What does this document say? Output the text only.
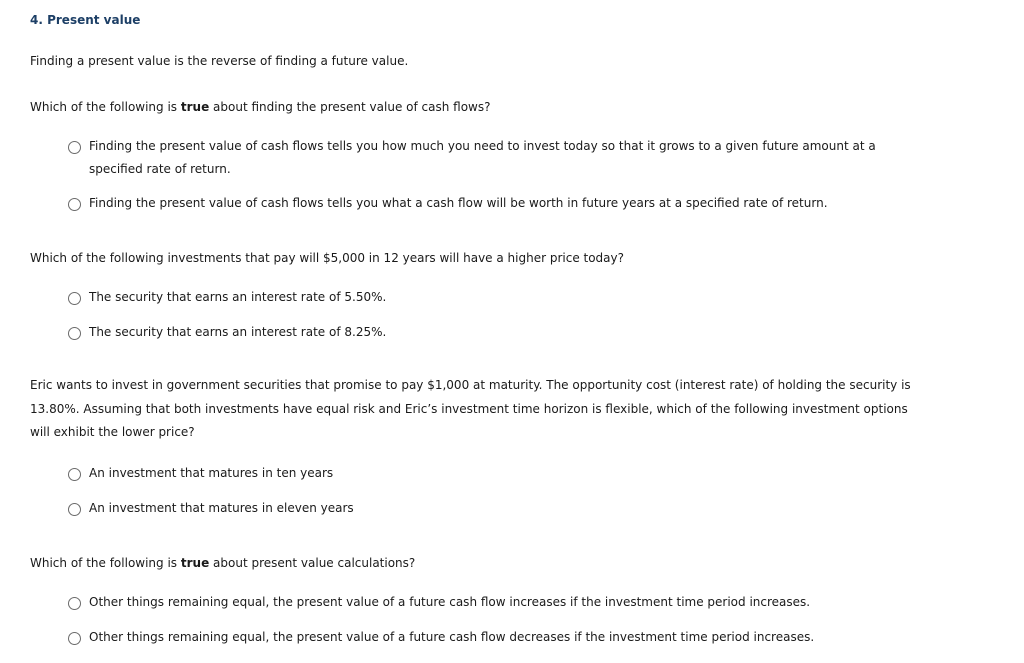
4. Present value
Finding a present value is the reverse of finding a future value.
Which of the following is true about finding the present value of cash flows?
Finding the present value of cash flows tells you how much you need to invest today so that it grows to a given future amount at a specified rate of return.
Finding the present value of cash flows tells you what a cash flow will be worth in future years at a specified rate of return.
Which of the following investments that pay will $5,000 in 12 years will have a higher price today?
The security that earns an interest rate of 5.50%.
The security that earns an interest rate of 8.25%.
Eric wants to invest in government securities that promise to pay $1,000 at maturity. The opportunity cost (interest rate) of holding the security is 13.80%. Assuming that both investments have equal risk and Eric’s investment time horizon is flexible, which of the following investment options will exhibit the lower price?
An investment that matures in ten years
An investment that matures in eleven years
Which of the following is true about present value calculations?
Other things remaining equal, the present value of a future cash flow increases if the investment time period increases.
Other things remaining equal, the present value of a future cash flow decreases if the investment time period increases.
